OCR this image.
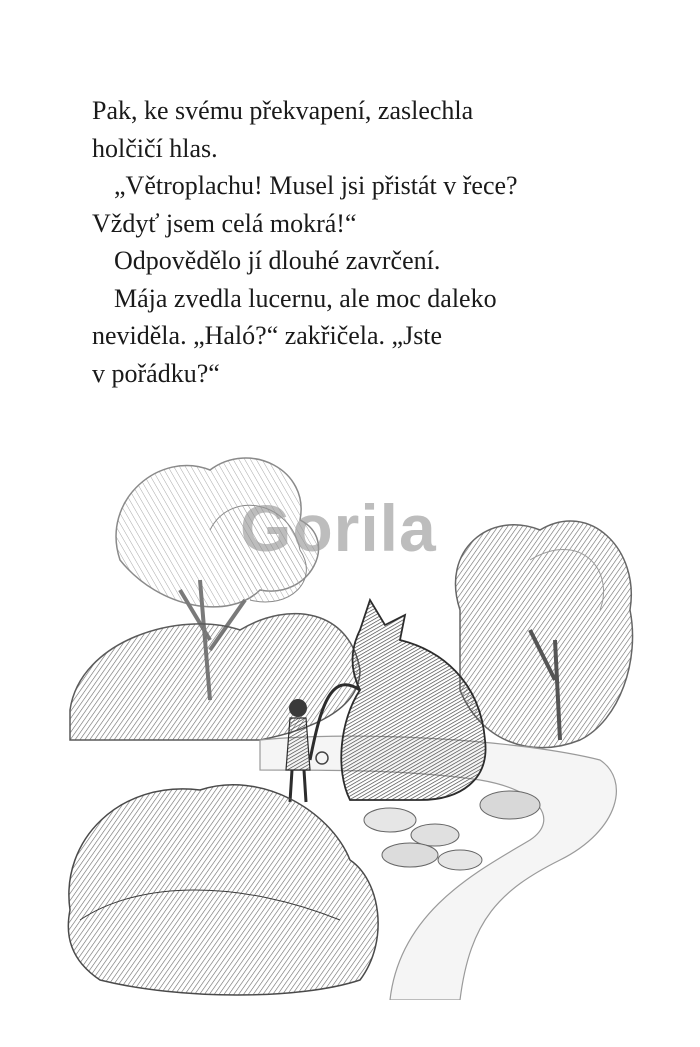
Pak, ke svému překvapení, zaslechla
holčičí hlas.
„Větroplachu! Musel jsi přistát v řece?
Vždyť jsem celá mokrá!“
Odpovědělo jí dlouhé zavrčení.
Mája zvedla lucernu, ale moc daleko
neviděla. „Haló?“ zakřičela. „Jste
v pořádku?“
Gorila
